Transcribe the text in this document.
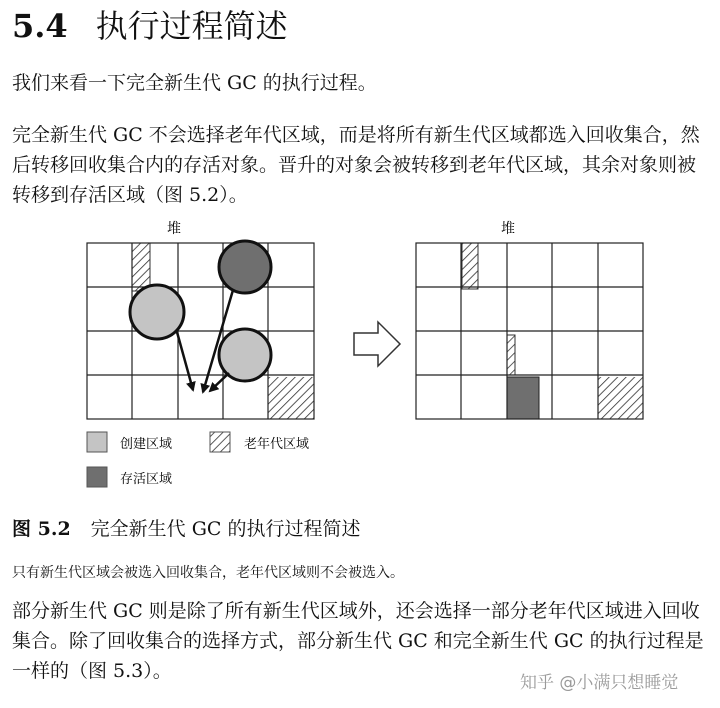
5.4 执行过程简述

我们来看一下完全新生代 GC 的执行过程。

完全新生代 GC 不会选择老年代区域，而是将所有新生代区域都选入回收集合，然后转移回收集合内的存活对象。晋升的对象会被转移到老年代区域，其余对象则被转移到存活区域（图 5.2）。

堆	堆
创建区域	老年代区域
存活区域
图 5.2 完全新生代 GC 的执行过程简述
只有新生代区域会被选入回收集合，老年代区域则不会被选入。

部分新生代 GC 则是除了所有新生代区域外，还会选择一部分老年代区域进入回收集合。除了回收集合的选择方式，部分新生代 GC 和完全新生代 GC 的执行过程是一样的（图 5.3）。

知乎 @小满只想睡觉
